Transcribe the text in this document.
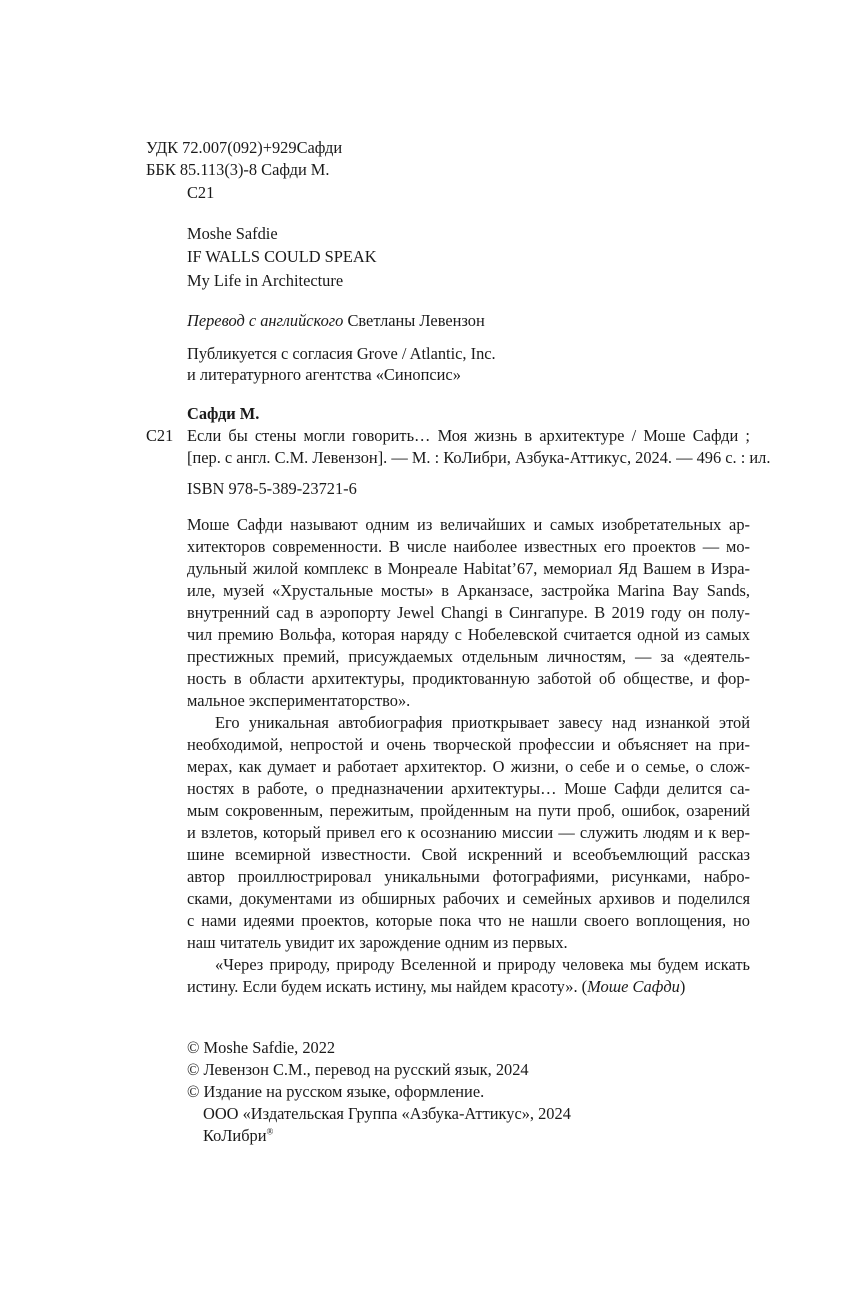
УДК 72.007(092)+929Сафди
ББК 85.113(3)-8 Сафди М.
С21
Moshe Safdie
IF WALLS COULD SPEAK
My Life in Architecture
Перевод с английского Светланы Левензон
Публикуется с согласия Grove / Atlantic, Inc.
и литературного агентства «Синопсис»
Сафди М.
С21 Если бы стены могли говорить… Моя жизнь в архитектуре / Моше Сафди ;
[пер. с англ. С.М. Левензон]. — М. : КоЛибри, Азбука-Аттикус, 2024. — 496 с. : ил.
ISBN 978-5-389-23721-6
Моше Сафди называют одним из величайших и самых изобретательных ар-
хитекторов современности. В числе наиболее известных его проектов — мо-
дульный жилой комплекс в Монреале Habitat’67, мемориал Яд Вашем в Изра-
иле, музей «Хрустальные мосты» в Арканзасе, застройка Marina Bay Sands,
внутренний сад в аэропорту Jewel Changi в Сингапуре. В 2019 году он полу-
чил премию Вольфа, которая наряду с Нобелевской считается одной из самых
престижных премий, присуждаемых отдельным личностям, — за «деятель-
ность в области архитектуры, продиктованную заботой об обществе, и фор-
мальное экспериментаторство».
Его уникальная автобиография приоткрывает завесу над изнанкой этой
необходимой, непростой и очень творческой профессии и объясняет на при-
мерах, как думает и работает архитектор. О жизни, о себе и о семье, о слож-
ностях в работе, о предназначении архитектуры… Моше Сафди делится са-
мым сокровенным, пережитым, пройденным на пути проб, ошибок, озарений
и взлетов, который привел его к осознанию миссии — служить людям и к вер-
шине всемирной известности. Свой искренний и всеобъемлющий рассказ
автор проиллюстрировал уникальными фотографиями, рисунками, набро-
сками, документами из обширных рабочих и семейных архивов и поделился
с нами идеями проектов, которые пока что не нашли своего воплощения, но
наш читатель увидит их зарождение одним из первых.
«Через природу, природу Вселенной и природу человека мы будем искать
истину. Если будем искать истину, мы найдем красоту». (Моше Сафди)
© Moshe Safdie, 2022
© Левензон С.М., перевод на русский язык, 2024
© Издание на русском языке, оформление.
ООО «Издательская Группа «Азбука-Аттикус», 2024
КоЛибри®
